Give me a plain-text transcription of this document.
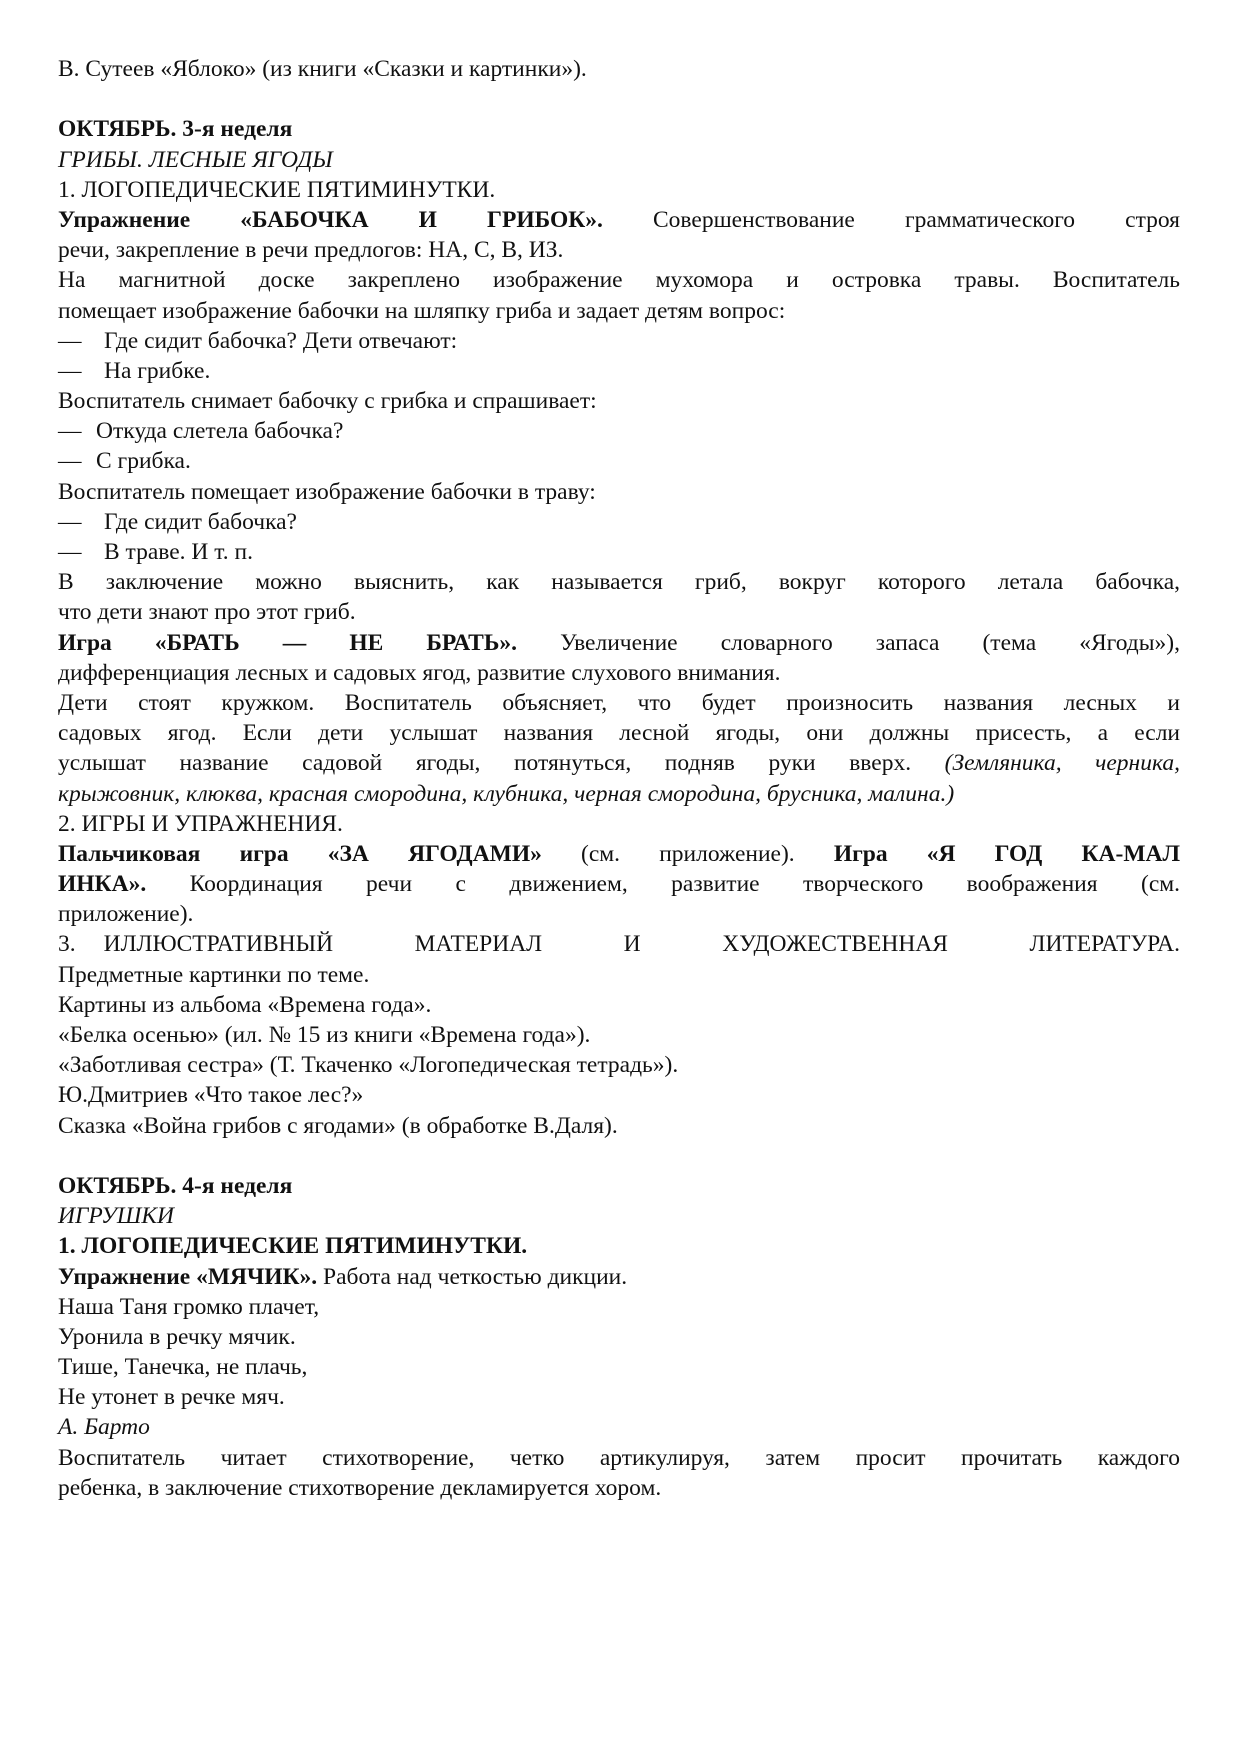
В. Сутеев «Яблоко» (из книги «Сказки и картинки»).
ОКТЯБРЬ. 3-я неделя
ГРИБЫ. ЛЕСНЫЕ ЯГОДЫ
1. ЛОГОПЕДИЧЕСКИЕ ПЯТИМИНУТКИ.
Упражнение «БАБОЧКА И ГРИБОК». Совершенствование грамматического строя
речи, закрепление в речи предлогов: НА, С, В, ИЗ.
На магнитной доске закреплено изображение мухомора и островка травы. Воспитатель
помещает изображение бабочки на шляпку гриба и задает детям вопрос:
— Где сидит бабочка? Дети отвечают:
— На грибке.
Воспитатель снимает бабочку с грибка и спрашивает:
— Откуда слетела бабочка?
— С грибка.
Воспитатель помещает изображение бабочки в траву:
— Где сидит бабочка?
— В траве. И т. п.
В заключение можно выяснить, как называется гриб, вокруг которого летала бабочка,
что дети знают про этот гриб.
Игра «БРАТЬ — НЕ БРАТЬ». Увеличение словарного запаса (тема «Ягоды»),
дифференциация лесных и садовых ягод, развитие слухового внимания.
Дети стоят кружком. Воспитатель объясняет, что будет произносить названия лесных и
садовых ягод. Если дети услышат названия лесной ягоды, они должны присесть, а если
услышат название садовой ягоды, потянуться, подняв руки вверх. (Земляника, черника,
крыжовник, клюква, красная смородина, клубника, черная смородина, брусника, малина.)
2. ИГРЫ И УПРАЖНЕНИЯ.
Пальчиковая игра «ЗА ЯГОДАМИ» (см. приложение). Игра «Я ГОД КА-МАЛ
ИНКА». Координация речи с движением, развитие творческого воображения (см.
приложение).
3. ИЛЛЮСТРАТИВНЫЙ МАТЕРИАЛ И ХУДОЖЕСТВЕННАЯ ЛИТЕРАТУРА.
Предметные картинки по теме.
Картины из альбома «Времена года».
«Белка осенью» (ил. № 15 из книги «Времена года»).
«Заботливая сестра» (Т. Ткаченко «Логопедическая тетрадь»).
Ю.Дмитриев «Что такое лес?»
Сказка «Война грибов с ягодами» (в обработке В.Даля).
ОКТЯБРЬ. 4-я неделя
ИГРУШКИ
1. ЛОГОПЕДИЧЕСКИЕ ПЯТИМИНУТКИ.
Упражнение «МЯЧИК». Работа над четкостью дикции.
Наша Таня громко плачет,
Уронила в речку мячик.
Тише, Танечка, не плачь,
Не утонет в речке мяч.
А. Барто
Воспитатель читает стихотворение, четко артикулируя, затем просит прочитать каждого
ребенка, в заключение стихотворение декламируется хором.
